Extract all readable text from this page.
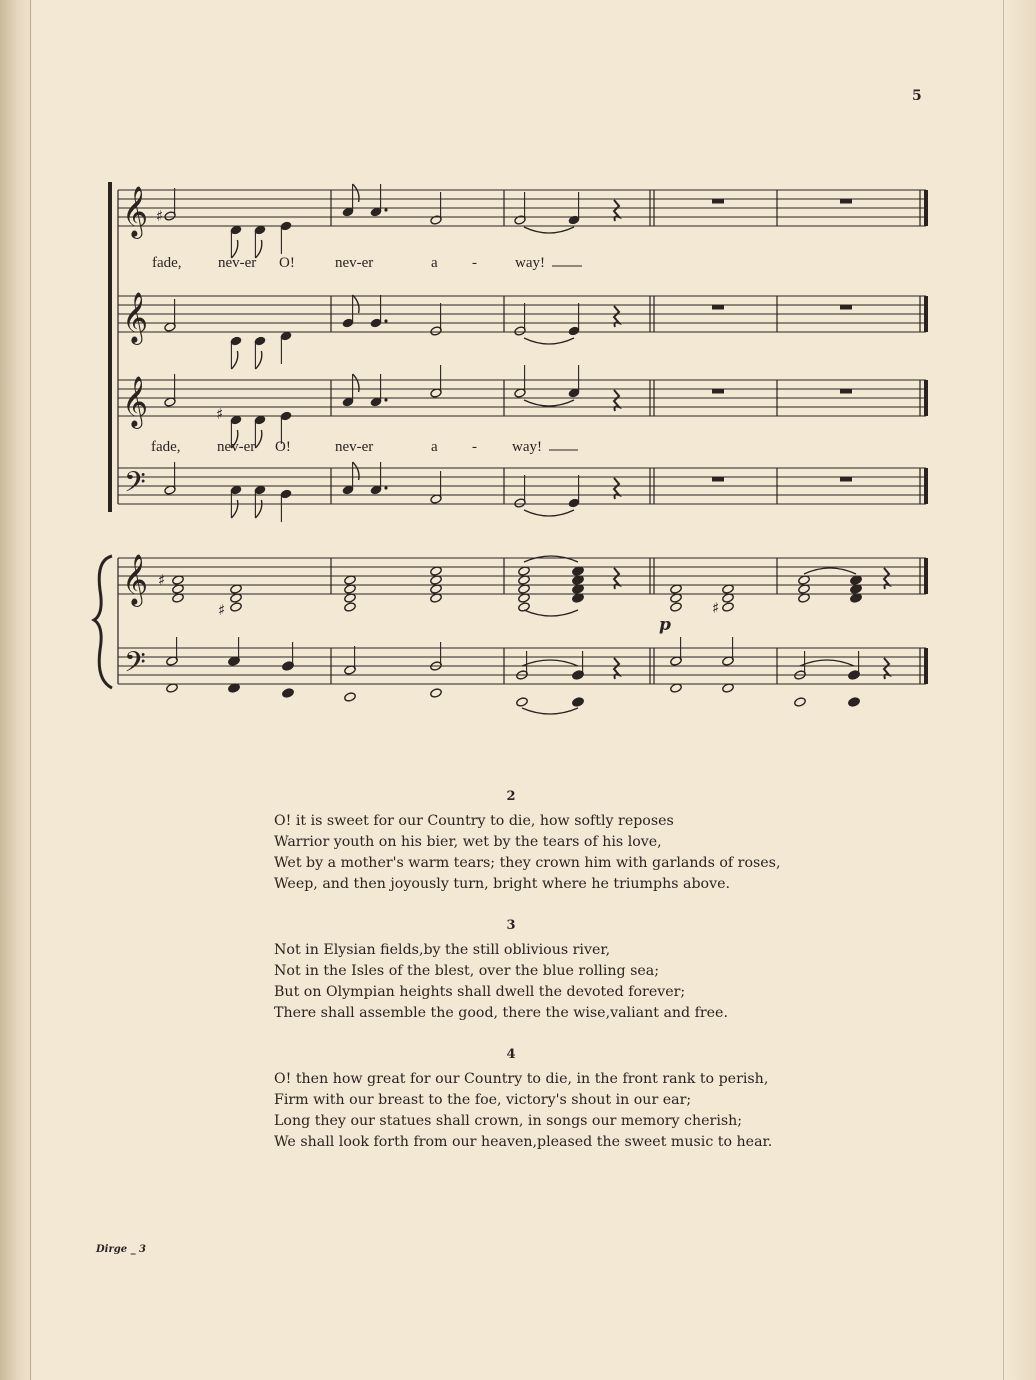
5
𝄞
𝄞
𝄞
𝄞
𝄢
𝄢
♯
♯
♯
♯	♯
fade, nev-er O!	nev-er	a -	way!
fade, nev-er O!	nev-er	a - way!
p
2
O! it is sweet for our Country to die, how softly reposes
Warrior youth on his bier, wet by the tears of his love,
Wet by a mother's warm tears; they crown him with garlands of roses,
Weep, and then joyously turn, bright where he triumphs above.
3
Not in Elysian fields,by the still oblivious river,
Not in the Isles of the blest, over the blue rolling sea;
But on Olympian heights shall dwell the devoted forever;
There shall assemble the good, there the wise,valiant and free.
4
O! then how great for our Country to die, in the front rank to perish,
Firm with our breast to the foe, victory's shout in our ear;
Long they our statues shall crown, in songs our memory cherish;
We shall look forth from our heaven,pleased the sweet music to hear.
Dirge _ 3
